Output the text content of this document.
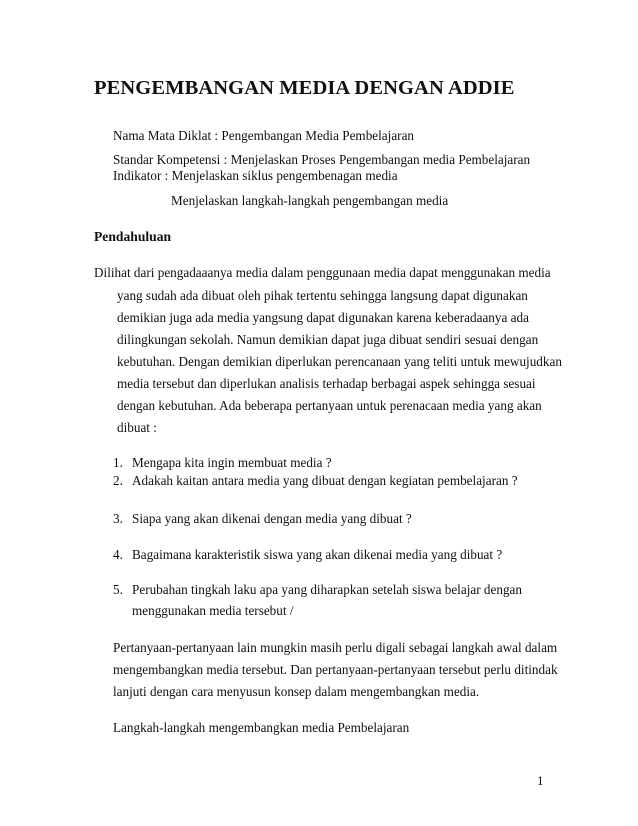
PENGEMBANGAN MEDIA DENGAN ADDIE
Nama Mata Diklat : Pengembangan Media Pembelajaran
Standar Kompetensi : Menjelaskan Proses Pengembangan media Pembelajaran
Indikator : Menjelaskan siklus pengembenagan media
Menjelaskan langkah-langkah pengembangan media
Pendahuluan
Dilihat dari pengadaaanya media dalam penggunaan media dapat menggunakan media
yang sudah ada dibuat oleh pihak tertentu sehingga langsung dapat digunakan
demikian juga ada media yangsung dapat digunakan karena keberadaanya ada
dilingkungan sekolah. Namun demikian dapat juga dibuat sendiri sesuai dengan
kebutuhan. Dengan demikian diperlukan perencanaan yang teliti untuk mewujudkan
media tersebut dan diperlukan analisis terhadap berbagai aspek sehingga sesuai
dengan kebutuhan. Ada beberapa pertanyaan untuk perenacaan media yang akan
dibuat :
1. Mengapa kita ingin membuat media ?
2. Adakah kaitan antara media yang dibuat dengan kegiatan pembelajaran ?
3. Siapa yang akan dikenai dengan media yang dibuat ?
4. Bagaimana karakteristik siswa yang akan dikenai media yang dibuat ?
5. Perubahan tingkah laku apa yang diharapkan setelah siswa belajar dengan
menggunakan media tersebut /
Pertanyaan-pertanyaan lain mungkin masih perlu digali sebagai langkah awal dalam
mengembangkan media tersebut. Dan pertanyaan-pertanyaan tersebut perlu ditindak
lanjuti dengan cara menyusun konsep dalam mengembangkan media.
Langkah-langkah mengembangkan media Pembelajaran
1
